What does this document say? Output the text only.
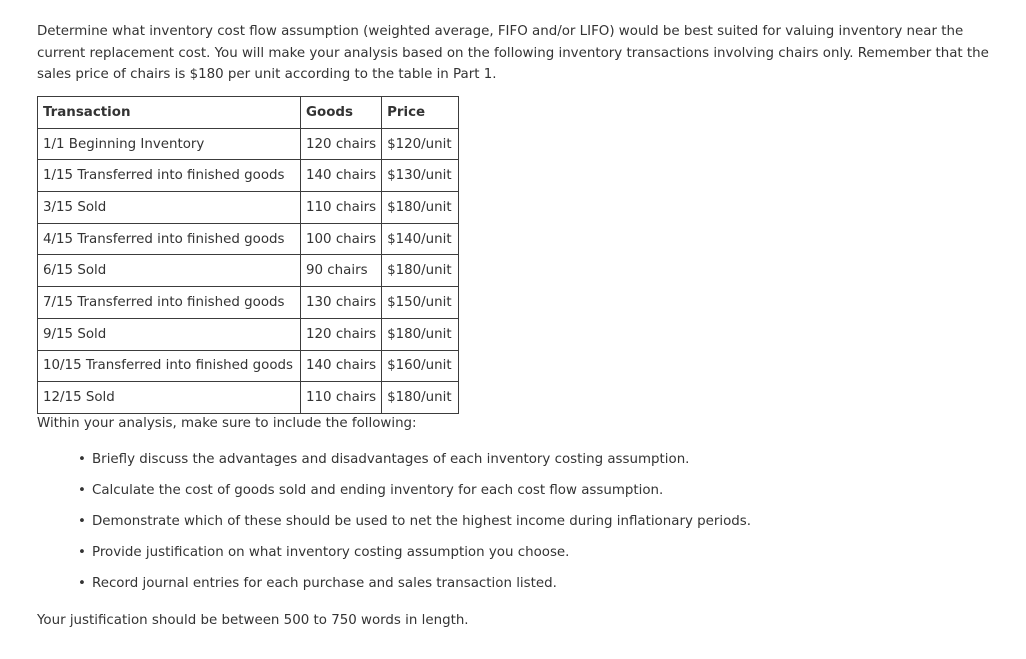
Determine what inventory cost flow assumption (weighted average, FIFO and/or LIFO) would be best suited for valuing inventory near the current replacement cost. You will make your analysis based on the following inventory transactions involving chairs only. Remember that the sales price of chairs is $180 per unit according to the table in Part 1.

Transaction	Goods	Price
1/1 Beginning Inventory	120 chairs	$120/unit
1/15 Transferred into finished goods	140 chairs	$130/unit
3/15 Sold	110 chairs	$180/unit
4/15 Transferred into finished goods	100 chairs	$140/unit
6/15 Sold	90 chairs	$180/unit
7/15 Transferred into finished goods	130 chairs	$150/unit
9/15 Sold	120 chairs	$180/unit
10/15 Transferred into finished goods	140 chairs	$160/unit
12/15 Sold	110 chairs	$180/unit

Within your analysis, make sure to include the following:

• Briefly discuss the advantages and disadvantages of each inventory costing assumption.
• Calculate the cost of goods sold and ending inventory for each cost flow assumption.
• Demonstrate which of these should be used to net the highest income during inflationary periods.
• Provide justification on what inventory costing assumption you choose.
• Record journal entries for each purchase and sales transaction listed.

Your justification should be between 500 to 750 words in length.
